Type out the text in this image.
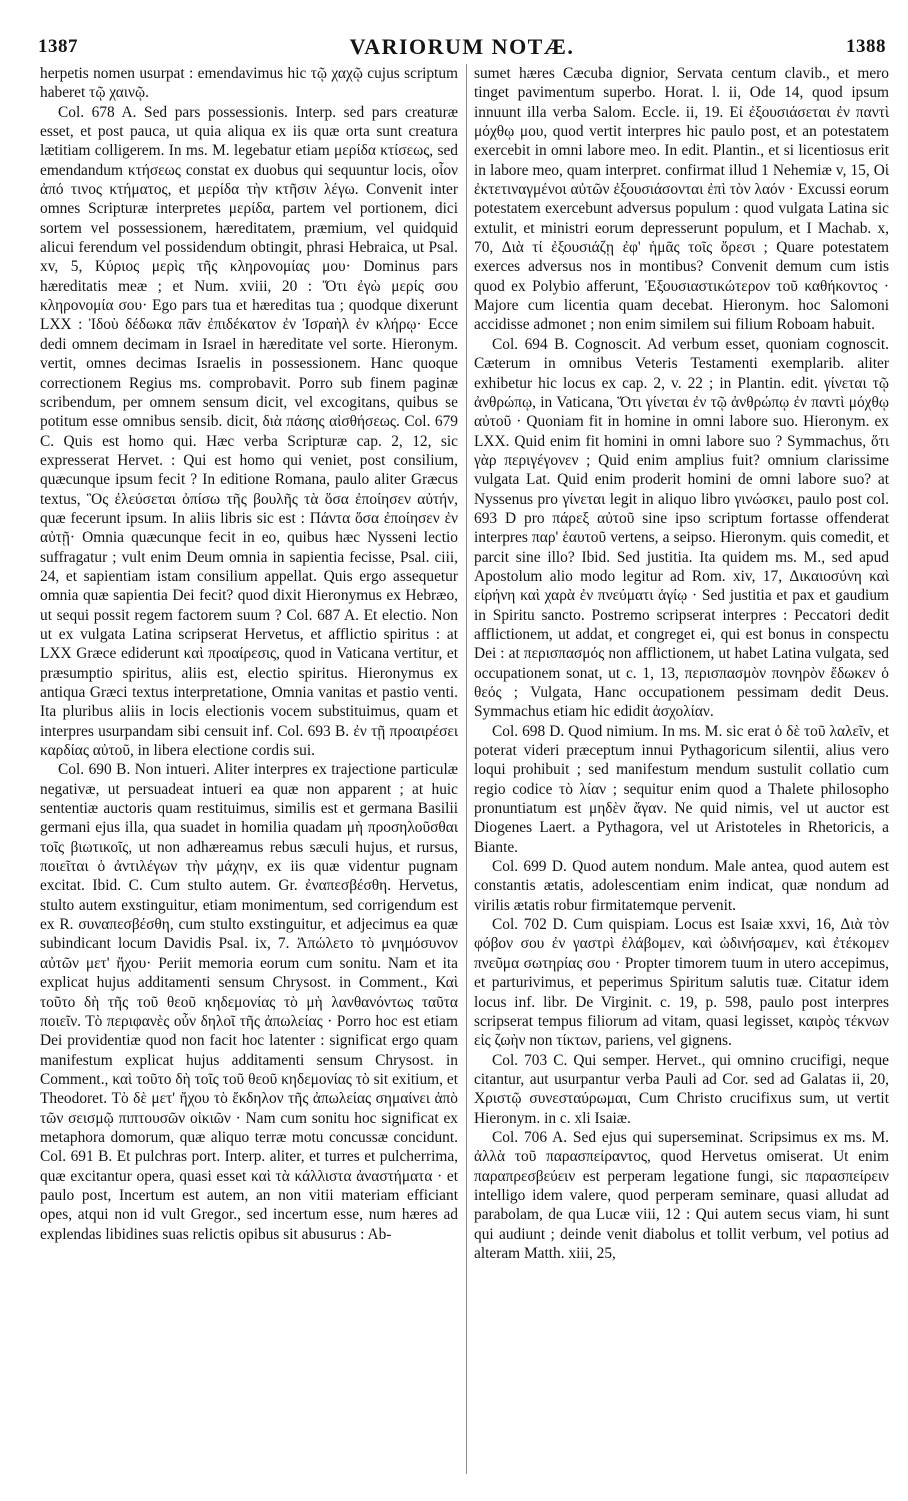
1387	VARIORUM NOTÆ.	1388

herpetis nomen usurpat : emendavimus hic τῷ χαχῷ cujus scriptum haberet τῷ χαινῷ.

Col. 678 A. Sed pars possessionis. Interp. sed pars creaturæ esset, et post pauca, ut quia aliqua ex iis quæ orta sunt creatura lætitiam colligerem. In ms. M. legebatur etiam μερίδα κτίσεως, sed emendandum κτήσεως constat ex duobus qui sequuntur locis, οἷον ἀπό τινος κτήματος, et μερίδα τὴν κτῆσιν λέγω. Convenit inter omnes Scripturæ interpretes μερίδα, partem vel portionem, dici sortem vel possessionem, hæreditatem, præmium, vel quidquid alicui ferendum vel possidendum obtingit, phrasi Hebraica, ut Psal. xv, 5, Κύριος μερὶς τῆς κληρονομίας μου· Dominus pars hæreditatis meæ ; et Num. xviii, 20 : Ὅτι ἐγὼ μερίς σου κληρονομία σου· Ego pars tua et hæreditas tua ; quodque dixerunt LXX : Ἰδοὺ δέδωκα πᾶν ἐπιδέκατον ἐν Ἰσραὴλ ἐν κλήρῳ· Ecce dedi omnem decimam in Israel in hæreditate vel sorte. Hieronym. vertit, omnes decimas Israelis in possessionem. Hanc quoque correctionem Regius ms. comprobavit. Porro sub finem paginæ scribendum, per omnem sensum dicit, vel excogitans, quibus se potitum esse omnibus sensib. dicit, διὰ πάσης αἰσθήσεως. Col. 679 C. Quis est homo qui. Hæc verba Scripturæ cap. 2, 12, sic expresserat Hervet. : Qui est homo qui veniet, post consilium, quæcunque ipsum fecit ? In editione Romana, paulo aliter Græcus textus, Ὃς ἐλεύσεται ὀπίσω τῆς βουλῆς τὰ ὅσα ἐποίησεν αὐτήν, quæ fecerunt ipsum. In aliis libris sic est : Πάντα ὅσα ἐποίησεν ἐν αὐτῇ· Omnia quæcunque fecit in eo, quibus hæc Nysseni lectio suffragatur ; vult enim Deum omnia in sapientia fecisse, Psal. ciii, 24, et sapientiam istam consilium appellat. Quis ergo assequetur omnia quæ sapientia Dei fecit? quod dixit Hieronymus ex Hebræo, ut sequi possit regem factorem suum ? Col. 687 A. Et electio. Non ut ex vulgata Latina scripserat Hervetus, et afflictio spiritus : at LXX Græce ediderunt καὶ προαίρεσις, quod in Vaticana vertitur, et præsumptio spiritus, aliis est, electio spiritus. Hieronymus ex antiqua Græci textus interpretatione, Omnia vanitas et pastio venti. Ita pluribus aliis in locis electionis vocem substituimus, quam et interpres usurpandam sibi censuit inf. Col. 693 B. ἐν τῇ προαιρέσει καρδίας αὐτοῦ, in libera electione cordis sui.

Col. 690 B. Non intueri. Aliter interpres ex trajectione particulæ negativæ, ut persuadeat intueri ea quæ non apparent ; at huic sententiæ auctoris quam restituimus, similis est et germana Basilii germani ejus illa, qua suadet in homilia quadam μὴ προσηλοῦσθαι τοῖς βιωτικοῖς, ut non adhæreamus rebus sæculi hujus, et rursus, ποιεῖται ὁ ἀντιλέγων τὴν μάχην, ex iis quæ videntur pugnam excitat. Ibid. C. Cum stulto autem. Gr. ἐναπεσβέσθη. Hervetus, stulto autem exstinguitur, etiam monimentum, sed corrigendum est ex R. συναπεσβέσθη, cum stulto exstinguitur, et adjecimus ea quæ subindicant locum Davidis Psal. ix, 7. Ἀπώλετο τὸ μνημόσυνον αὐτῶν μετ' ἤχου· Periit memoria eorum cum sonitu. Nam et ita explicat hujus additamenti sensum Chrysost. in Comment., Καὶ τοῦτο δὴ τῆς τοῦ θεοῦ κηδεμονίας τὸ μὴ λανθανόντως ταῦτα ποιεῖν. Τὸ περιφανὲς οὖν δηλοῖ τῆς ἀπωλείας · Porro hoc est etiam Dei providentiæ quod non facit hoc latenter : significat ergo quam manifestum explicat hujus additamenti sensum Chrysost. in Comment., καὶ τοῦτο δὴ τοῖς τοῦ θεοῦ κηδεμονίας τὸ sit exitium, et Theodoret. Τὸ δὲ μετ' ἤχου τὸ ἔκδηλον τῆς ἀπωλείας σημαίνει ἀπὸ τῶν σεισμῷ πιπτουσῶν οἰκιῶν · Nam cum sonitu hoc significat ex metaphora domorum, quæ aliquo terræ motu concussæ concidunt. Col. 691 B. Et pulchras port. Interp. aliter, et turres et pulcherrima, quæ excitantur opera, quasi esset καὶ τὰ κάλλιστα ἀναστήματα · et paulo post, Incertum est autem, an non vitii materiam efficiant opes, atqui non id vult Gregor., sed incertum esse, num hæres ad explendas libidines suas relictis opibus sit abusurus : Ab-

sumet hæres Cæcuba dignior, Servata centum clavib., et mero tinget pavimentum superbo. Horat. l. ii, Ode 14, quod ipsum innuunt illa verba Salom. Eccle. ii, 19. Εἰ ἐξουσιάσεται ἐν παντὶ μόχθῳ μου, quod vertit interpres hic paulo post, et an potestatem exercebit in omni labore meo. In edit. Plantin., et si licentiosus erit in labore meo, quam interpret. confirmat illud 1 Nehemiæ v, 15, Οἱ ἐκτετιναγμένοι αὐτῶν ἐξουσιάσονται ἐπὶ τὸν λαόν · Excussi eorum potestatem exercebunt adversus populum : quod vulgata Latina sic extulit, et ministri eorum depresserunt populum, et I Machab. x, 70, Διὰ τί ἐξουσιάζῃ ἐφ' ἡμᾶς τοῖς ὄρεσι ; Quare potestatem exerces adversus nos in montibus? Convenit demum cum istis quod ex Polybio afferunt, Ἐξουσιαστικώτερον τοῦ καθήκοντος · Majore cum licentia quam decebat. Hieronym. hoc Salomoni accidisse admonet ; non enim similem sui filium Roboam habuit.

Col. 694 B. Cognoscit. Ad verbum esset, quoniam cognoscit. Cæterum in omnibus Veteris Testamenti exemplarib. aliter exhibetur hic locus ex cap. 2, v. 22 ; in Plantin. edit. γίνεται τῷ ἀνθρώπῳ, in Vaticana, Ὅτι γίνεται ἐν τῷ ἀνθρώπῳ ἐν παντὶ μόχθῳ αὐτοῦ · Quoniam fit in homine in omni labore suo. Hieronym. ex LXX. Quid enim fit homini in omni labore suo ? Symmachus, ὅτι γὰρ περιγέγονεν ; Quid enim amplius fuit? omnium clarissime vulgata Lat. Quid enim proderit homini de omni labore suo? at Nyssenus pro γίνεται legit in aliquo libro γινώσκει, paulo post col. 693 D pro πάρεξ αὐτοῦ sine ipso scriptum fortasse offenderat interpres παρ' ἑαυτοῦ vertens, a seipso. Hieronym. quis comedit, et parcit sine illo? Ibid. Sed justitia. Ita quidem ms. M., sed apud Apostolum alio modo legitur ad Rom. xiv, 17, Δικαιοσύνη καὶ εἰρήνη καὶ χαρὰ ἐν πνεύματι ἁγίῳ · Sed justitia et pax et gaudium in Spiritu sancto. Postremo scripserat interpres : Peccatori dedit afflictionem, ut addat, et congreget ei, qui est bonus in conspectu Dei : at περισπασμός non afflictionem, ut habet Latina vulgata, sed occupationem sonat, ut c. 1, 13, περισπασμὸν πονηρὸν ἔδωκεν ὁ θεός ; Vulgata, Hanc occupationem pessimam dedit Deus. Symmachus etiam hic edidit ἀσχολίαν.

Col. 698 D. Quod nimium. In ms. M. sic erat ὁ δὲ τοῦ λαλεῖν, et poterat videri præceptum innui Pythagoricum silentii, alius vero loqui prohibuit ; sed manifestum mendum sustulit collatio cum regio codice τὸ λίαν ; sequitur enim quod a Thalete philosopho pronuntiatum est μηδὲν ἄγαν. Ne quid nimis, vel ut auctor est Diogenes Laert. a Pythagora, vel ut Aristoteles in Rhetoricis, a Biante.

Col. 699 D. Quod autem nondum. Male antea, quod autem est constantis ætatis, adolescentiam enim indicat, quæ nondum ad virilis ætatis robur firmitatemque pervenit.

Col. 702 D. Cum quispiam. Locus est Isaiæ xxvi, 16, Διὰ τὸν φόβον σου ἐν γαστρὶ ἐλάβομεν, καὶ ὠδινήσαμεν, καὶ ἐτέκομεν πνεῦμα σωτηρίας σου · Propter timorem tuum in utero accepimus, et parturivimus, et peperimus Spiritum salutis tuæ. Citatur idem locus inf. libr. De Virginit. c. 19, p. 598, paulo post interpres scripserat tempus filiorum ad vitam, quasi legisset, καιρὸς τέκνων εἰς ζωὴν non τίκτων, pariens, vel gignens.

Col. 703 C. Qui semper. Hervet., qui omnino crucifigi, neque citantur, aut usurpantur verba Pauli ad Cor. sed ad Galatas ii, 20, Χριστῷ συνεσταύρωμαι, Cum Christo crucifixus sum, ut vertit Hieronym. in c. xli Isaiæ.

Col. 706 A. Sed ejus qui superseminat. Scripsimus ex ms. M. ἀλλὰ τοῦ παρασπείραντος, quod Hervetus omiserat. Ut enim παραπρεσβεύειν est perperam legatione fungi, sic παρασπείρειν intelligo idem valere, quod perperam seminare, quasi alludat ad parabolam, de qua Lucæ viii, 12 : Qui autem secus viam, hi sunt qui audiunt ; deinde venit diabolus et tollit verbum, vel potius ad alteram Matth. xiii, 25,
